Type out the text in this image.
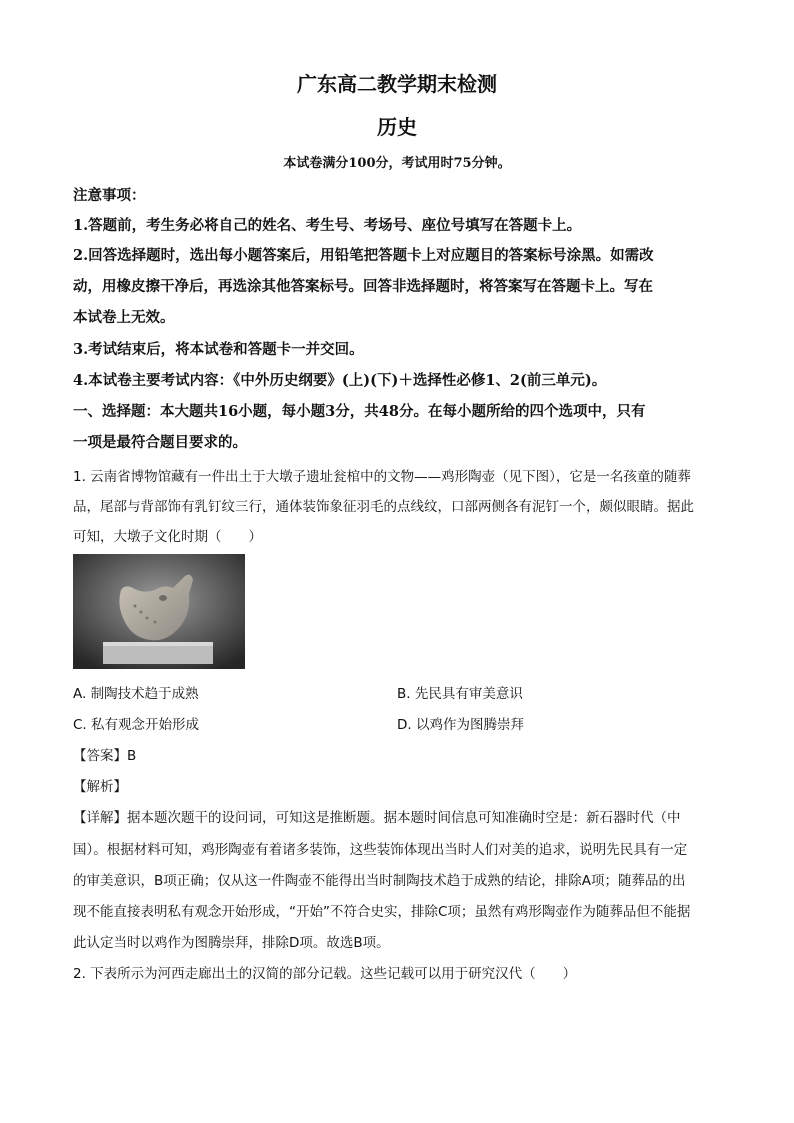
广东高二教学期末检测
历史
本试卷满分100分，考试用时75分钟。
注意事项：
1.答题前，考生务必将自己的姓名、考生号、考场号、座位号填写在答题卡上。
2.回答选择题时，选出每小题答案后，用铅笔把答题卡上对应题目的答案标号涂黑。如需改
动，用橡皮擦干净后，再选涂其他答案标号。回答非选择题时，将答案写在答题卡上。写在
本试卷上无效。
3.考试结束后，将本试卷和答题卡一并交回。
4.本试卷主要考试内容：《中外历史纲要》(上)(下)＋选择性必修1、2(前三单元)。
一、选择题：本大题共16小题，每小题3分，共48分。在每小题所给的四个选项中，只有
一项是最符合题目要求的。
1. 云南省博物馆藏有一件出土于大墩子遗址瓮棺中的文物——鸡形陶壶（见下图），它是一名孩童的随葬
品，尾部与背部饰有乳钉纹三行，通体装饰象征羽毛的点线纹，口部两侧各有泥钉一个，颇似眼睛。据此
可知，大墩子文化时期（　　）
A. 制陶技术趋于成熟	B. 先民具有审美意识
C. 私有观念开始形成	D. 以鸡作为图腾崇拜
【答案】B
【解析】
【详解】据本题次题干的设问词，可知这是推断题。据本题时间信息可知准确时空是：新石器时代（中
国）。根据材料可知，鸡形陶壶有着诸多装饰，这些装饰体现出当时人们对美的追求，说明先民具有一定
的审美意识，B项正确；仅从这一件陶壶不能得出当时制陶技术趋于成熟的结论，排除A项；随葬品的出
现不能直接表明私有观念开始形成，“开始”不符合史实，排除C项；虽然有鸡形陶壶作为随葬品但不能据
此认定当时以鸡作为图腾崇拜，排除D项。故选B项。
2. 下表所示为河西走廊出土的汉简的部分记载。这些记载可以用于研究汉代（　　）
